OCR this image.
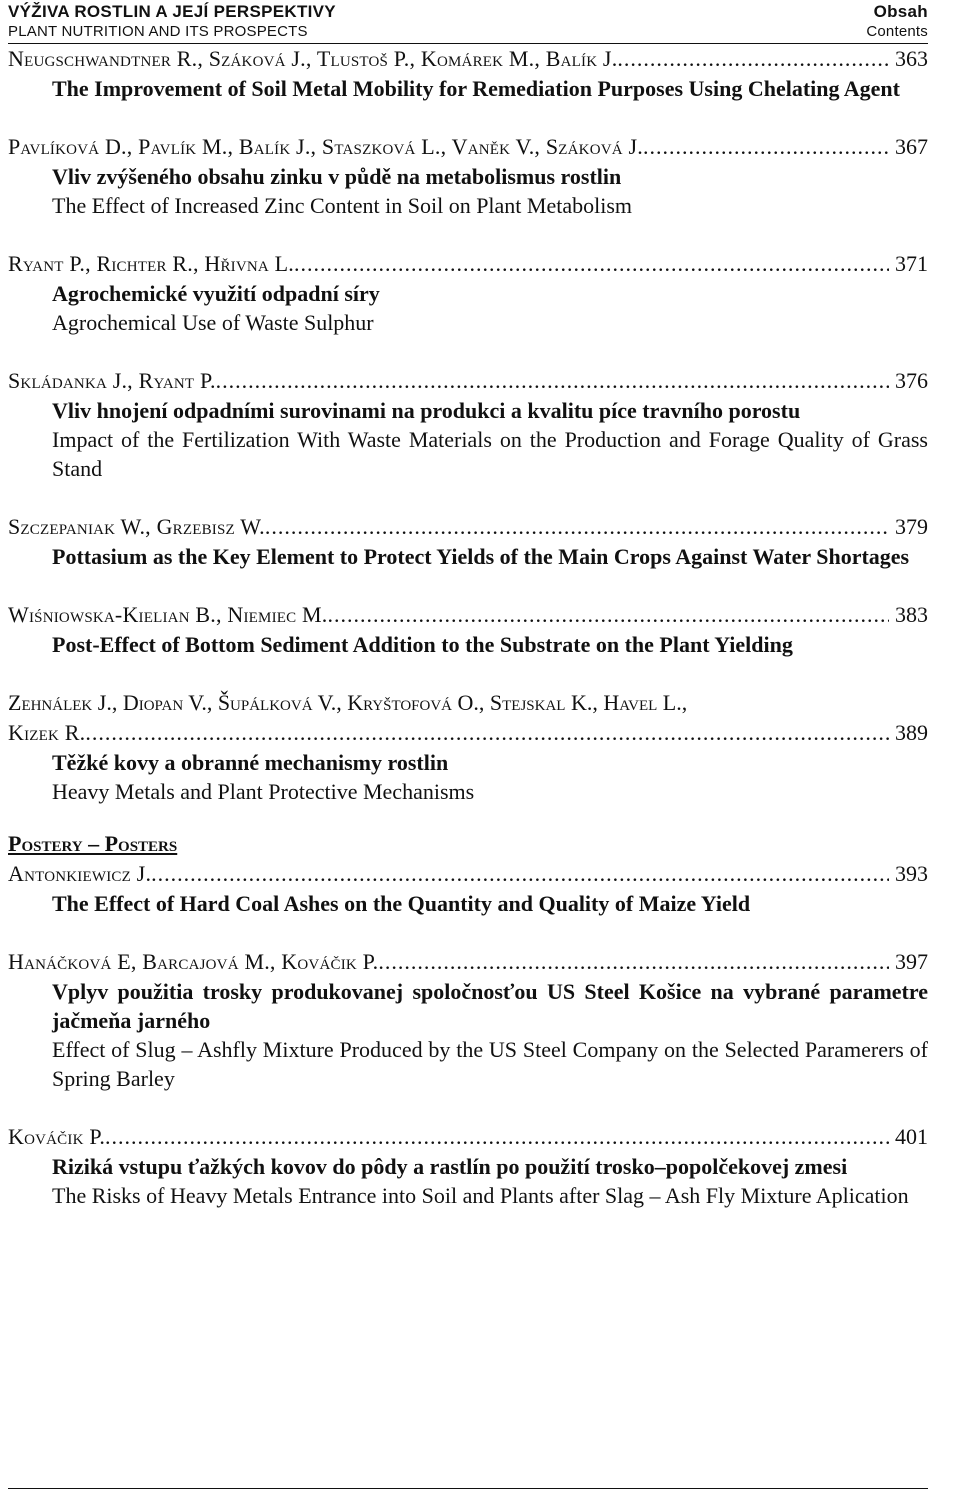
VÝŽIVA ROSTLIN A JEJÍ PERSPEKTIVY	Obsah
PLANT NUTRITION AND ITS PROSPECTS	Contents
Neugschwandtner R., Száková J., Tlustoš P., Komárek M., Balík J. .....	363
The Improvement of Soil Metal Mobility for Remediation Purposes Using Chelating Agent
Pavlíková D., Pavlík M., Balík J., Staszková L., Vaněk V., Száková J. .....	367
Vliv zvýšeného obsahu zinku v půdě na metabolismus rostlin
The Effect of Increased Zinc Content in Soil on Plant Metabolism
Ryant P., Richter R., Hřivna L. .....	371
Agrochemické využití odpadní síry
Agrochemical Use of Waste Sulphur
Skládanka J., Ryant P. .....	376
Vliv hnojení odpadními surovinami na produkci a kvalitu píce travního porostu
Impact of the Fertilization With Waste Materials on the Production and Forage Quality of Grass Stand
Szczepaniak W., Grzebisz W. .....	379
Pottasium as the Key Element to Protect Yields of the Main Crops Against Water Shortages
Wiśniowska-Kielian B., Niemiec M. .....	383
Post-Effect of Bottom Sediment Addition to the Substrate on the Plant Yielding
Zehnálek J., Diopan V., Šupálková V., Kryštofová O., Stejskal K., Havel L.,
Kizek R. .....	389
Těžké kovy a obranné mechanismy rostlin
Heavy Metals and Plant Protective Mechanisms
Postery – Posters
Antonkiewicz J. .....	393
The Effect of Hard Coal Ashes on the Quantity and Quality of Maize Yield
Hanáčková E, Barcajová M., Kováčik P. .....	397
Vplyv použitia trosky produkovanej spoločnosťou US Steel Košice na vybrané parametre jačmeňa jarného
Effect of Slug – Ashfly Mixture Produced by the US Steel Company on the Selected Paramerers of Spring Barley
Kováčik P. .....	401
Riziká vstupu ťažkých kovov do pôdy a rastlín po použití trosko–popolčekovej zmesi
The Risks of Heavy Metals Entrance into Soil and Plants after Slag – Ash Fly Mixture Aplication
